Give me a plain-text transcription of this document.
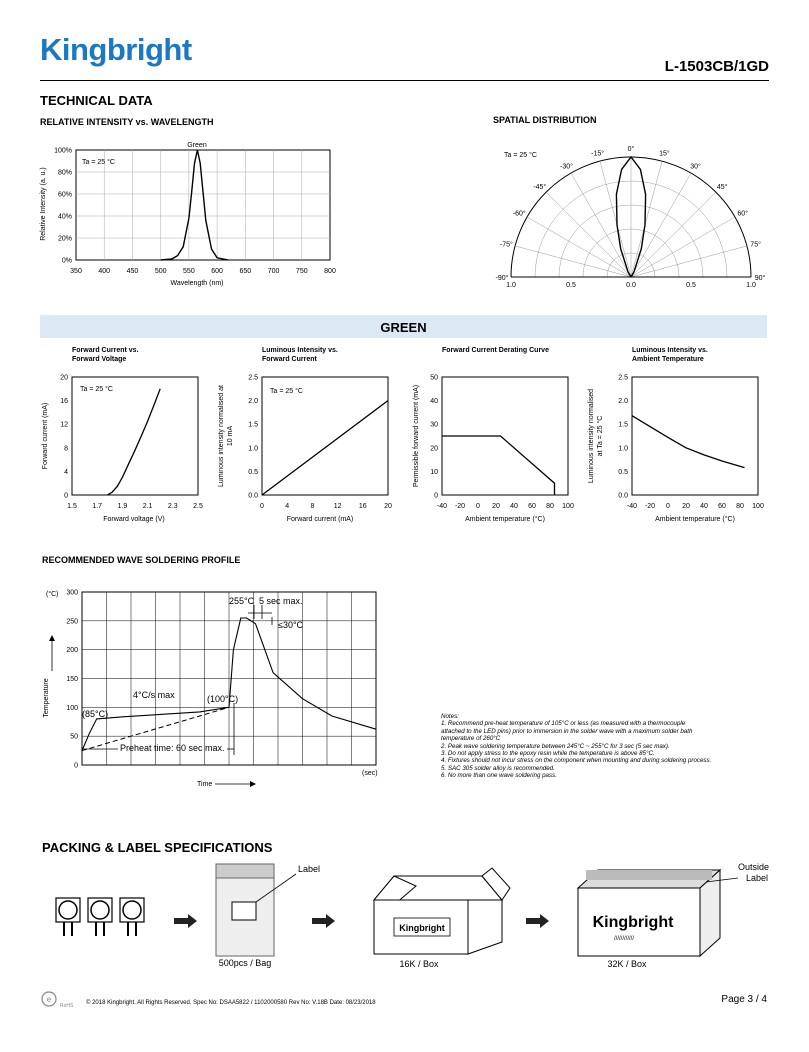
Kingbright	L-1503CB/1GD
TECHNICAL DATA
RELATIVE INTENSITY vs. WAVELENGTH	SPATIAL DISTRIBUTION
350 400 450 500 550 600 650 700 750 800
0%
20%
40%
60%
80%
100%
Green
Ta = 25 °C
Relative Intensity (a. u.)
Wavelength (nm)
-15°
0°
15°
-30°	30°
-45°	45°
-60°	60°
-75°	75°
-90°	90°
1.0	0.5	0.0	0.5	1.0
Ta = 25 °C
GREEN
Forward Current vs.
Forward Voltage
1.5 1.7 1.9 2.1 2.3 2.5
0
4
8
12
16
20
Ta = 25 °C
Forward current (mA)
Forward voltage (V)
Luminous Intensity vs.
Forward Current
0	4	8	12 16 20
0.0
0.5
1.0
1.5
2.0
2.5
Ta = 25 °C
Luminous intensity normalised at 10 mA
Forward current (mA)
Forward Current Derating Curve
-40 -20 0 20 40 60 80 100
0
10
20
30
40
50
Permissible forward current (mA)
Ambient temperature (°C)
Luminous Intensity vs.
Ambient Temperature
-40 -20 0 20 40 60 80 100
0.0
0.5
1.0
1.5
2.0
2.5
Luminous intensity normalised at Ta = 25 °C
Ambient temperature (°C)
RECOMMENDED WAVE SOLDERING PROFILE
0
50
100
150
200
250
300
(°C)
Temperature
Time
(sec)
255°C 5 sec max.
≤30°C
4°C/s max	(100°C)
(85°C)
Preheat time: 60 sec max.
Notes:
1. Recommend pre-heat temperature of 105°C or less (as measured with a thermocouple
attached to the LED pins) prior to immersion in the solder wave with a maximum solder bath
temperature of 260°C
2. Peak wave soldering temperature between 245°C ~ 255°C for 3 sec (5 sec max).
3. Do not apply stress to the epoxy resin while the temperature is above 85°C.
4. Fixtures should not incur stress on the component when mounting and during soldering process.
5. SAC 305 solder alloy is recommended.
6. No more than one wave soldering pass.
PACKING & LABEL SPECIFICATIONS
Label
500pcs / Bag
Kingbright
16K / Box
Kingbright
////////////
Outside
Label
32K / Box
e
RoHS © 2018 Kingbright. All Rights Reserved. Spec No: DSAA5822 / 1102000580 Rev No: V.18B Date: 08/23/2018	Page 3 / 4
